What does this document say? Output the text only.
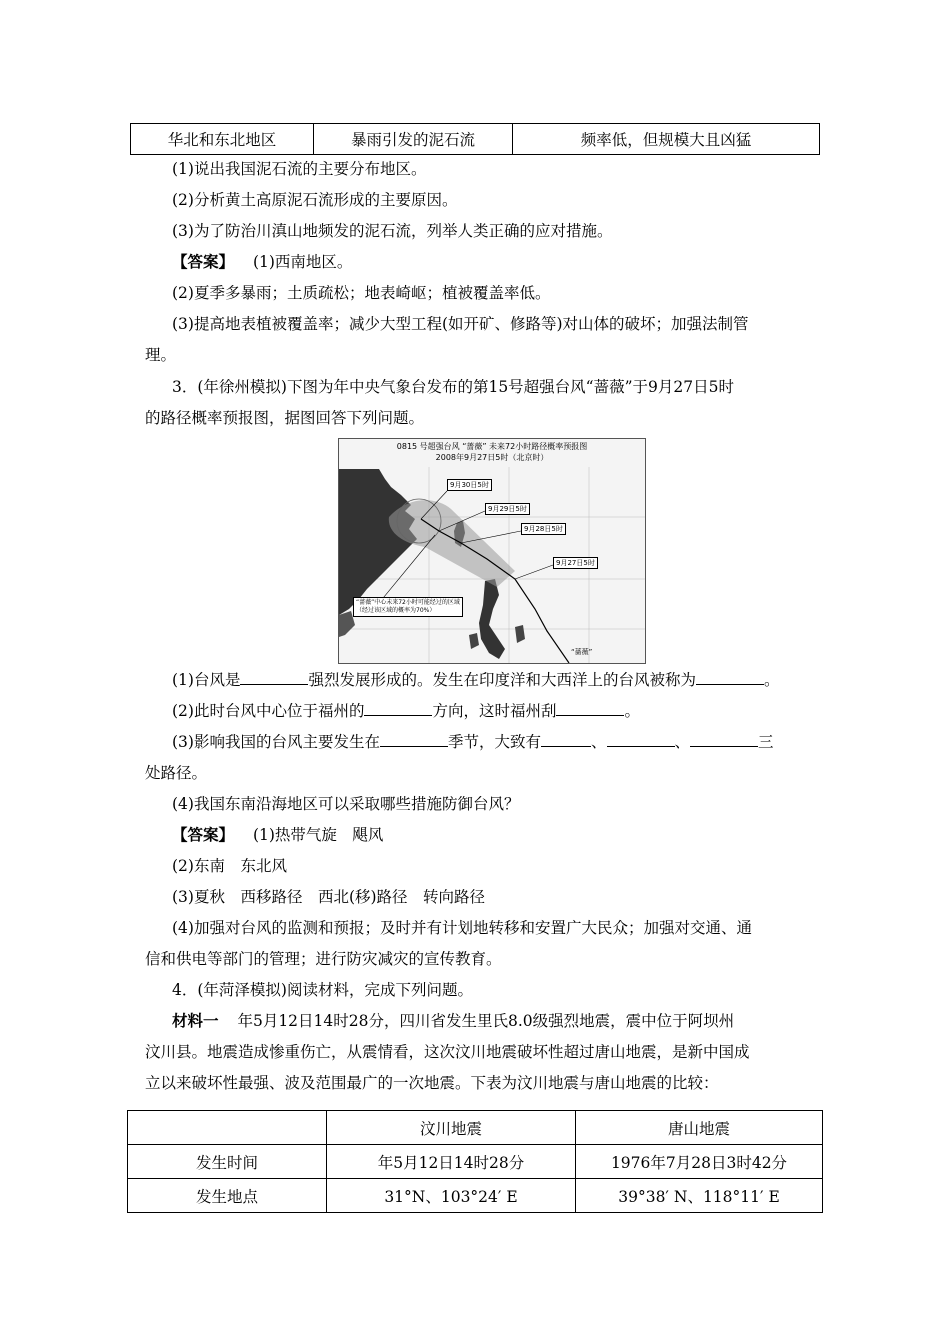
华北和东北地区	暴雨引发的泥石流	频率低，但规模大且凶猛
(1)说出我国泥石流的主要分布地区。
(2)分析黄土高原泥石流形成的主要原因。
(3)为了防治川滇山地频发的泥石流，列举人类正确的应对措施。
【答案】 (1)西南地区。
(2)夏季多暴雨；土质疏松；地表崎岖；植被覆盖率低。
(3)提高地表植被覆盖率；减少大型工程(如开矿、修路等)对山体的破坏；加强法制管
理。
3．(年徐州模拟)下图为年中央气象台发布的第15号超强台风“蔷薇”于9月27日5时
的路径概率预报图，据图回答下列问题。
0815 号超强台风 “蔷薇” 未来72小时路径概率预报图
2008年9月27日5时（北京时）
9月30日5时
9月29日5时
9月28日5时
9月27日5时
“蔷薇”中心未来72小时可能经过的区域
（经过该区域的概率为70%）
“蔷薇”
(1)台风是	强烈发展形成的。发生在印度洋和大西洋上的台风被称为	。
(2)此时台风中心位于福州的	方向，这时福州刮	。
(3)影响我国的台风主要发生在	季节，大致有	、	、	三
处路径。
(4)我国东南沿海地区可以采取哪些措施防御台风？
【答案】 (1)热带气旋　飓风
(2)东南　东北风
(3)夏秋　西移路径　西北(移)路径　转向路径
(4)加强对台风的监测和预报；及时并有计划地转移和安置广大民众；加强对交通、通
信和供电等部门的管理；进行防灾减灾的宣传教育。
4．(年菏泽模拟)阅读材料，完成下列问题。
材料一 年5月12日14时28分，四川省发生里氏8.0级强烈地震，震中位于阿坝州
汶川县。地震造成惨重伤亡，从震情看，这次汶川地震破坏性超过唐山地震，是新中国成
立以来破坏性最强、波及范围最广的一次地震。下表为汶川地震与唐山地震的比较：
	汶川地震	唐山地震
发生时间	年5月12日14时28分	1976年7月28日3时42分
发生地点	31°N、103°24′ E	39°38′ N、118°11′ E
